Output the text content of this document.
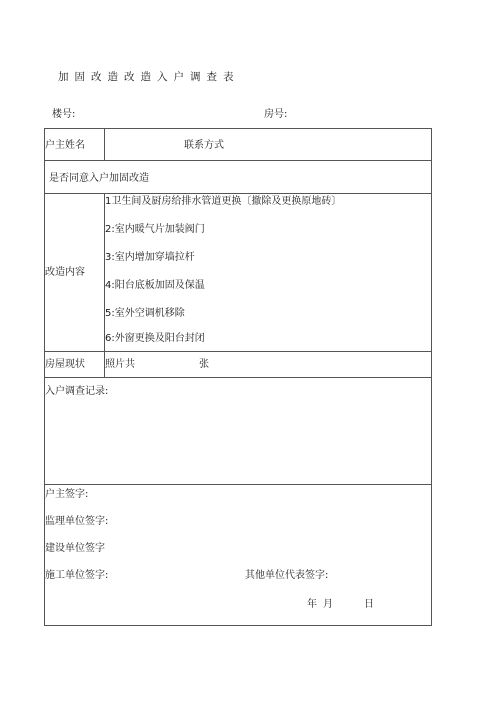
加固改造改造入户调查表
楼号:	房号:
户主姓名	联系方式
是否同意入户加固改造
改造内容
1卫生间及厨房给排水管道更换〔撤除及更换原地砖〕
2:室内暖气片加装阀门
3:室内增加穿墙拉杆
4:阳台底板加固及保温
5:室外空调机移除
6:外窗更换及阳台封闭
房屋现状 照片共	张
入户调查记录:
户主签字:
监理单位签字:
建设单位签字
施工单位签字:	其他单位代表签字:
年 月	日
